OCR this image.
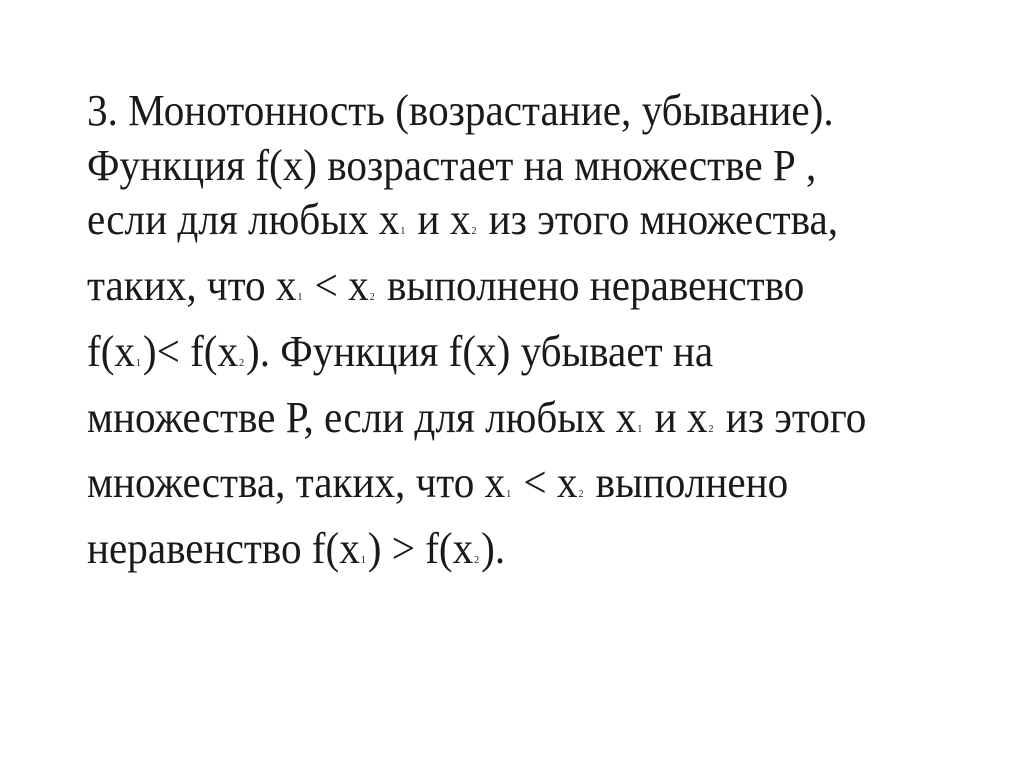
3. Монотонность (возрастание, убывание).
Функция f(x) возрастает на множестве Р ,
если для любых x1 и x2 из этого множества,
таких, что x1 < x2 выполнено неравенство
f(x1)< f(x2). Функция f(x) убывает на
множестве Р, если для любых x1 и x2 из этого
множества, таких, что x1 < x2 выполнено
неравенство f(x1) > f(x2).
